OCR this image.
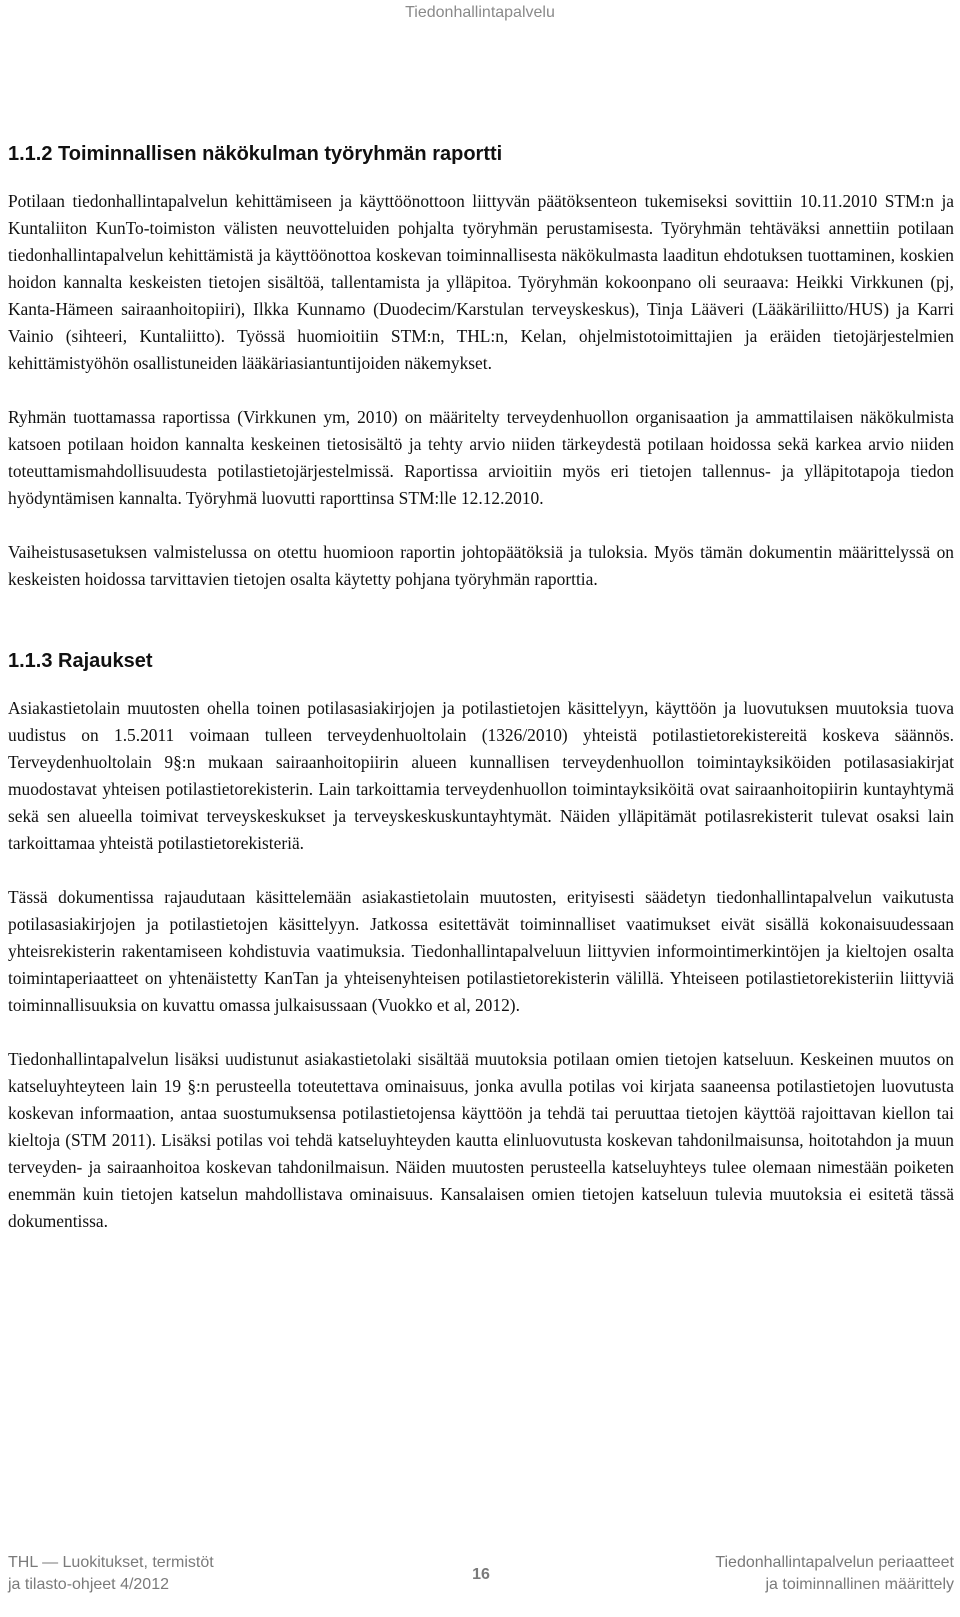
Tiedonhallintapalvelu
1.1.2 Toiminnallisen näkökulman työryhmän raportti

Potilaan tiedonhallintapalvelun kehittämiseen ja käyttöönottoon liittyvän päätöksenteon tukemiseksi sovittiin 10.11.2010 STM:n ja Kuntaliiton KunTo-toimiston välisten neuvotteluiden pohjalta työryhmän perustamisesta. Työryhmän tehtäväksi annettiin potilaan tiedonhallintapalvelun kehittämistä ja käyttöönottoa koskevan toiminnallisesta näkökulmasta laaditun ehdotuksen tuottaminen, koskien hoidon kannalta keskeisten tietojen sisältöä, tallentamista ja ylläpitoa. Työryhmän kokoonpano oli seuraava: Heikki Virkkunen (pj, Kanta-Hämeen sairaanhoitopiiri), Ilkka Kunnamo (Duodecim/Karstulan terveyskeskus), Tinja Lääveri (Lääkäriliitto/HUS) ja Karri Vainio (sihteeri, Kuntaliitto). Työssä huomioitiin STM:n, THL:n, Kelan, ohjelmistotoimittajien ja eräiden tietojärjestelmien kehittämistyöhön osallistuneiden lääkäriasiantuntijoiden näkemykset.

Ryhmän tuottamassa raportissa (Virkkunen ym, 2010) on määritelty terveydenhuollon organisaation ja ammattilaisen näkökulmista katsoen potilaan hoidon kannalta keskeinen tietosisältö ja tehty arvio niiden tärkeydestä potilaan hoidossa sekä karkea arvio niiden toteuttamismahdollisuudesta potilastietojärjestelmissä. Raportissa arvioitiin myös eri tietojen tallennus- ja ylläpitotapoja tiedon hyödyntämisen kannalta. Työryhmä luovutti raporttinsa STM:lle 12.12.2010.

Vaiheistusasetuksen valmistelussa on otettu huomioon raportin johtopäätöksiä ja tuloksia. Myös tämän dokumentin määrittelyssä on keskeisten hoidossa tarvittavien tietojen osalta käytetty pohjana työryhmän raporttia.

1.1.3 Rajaukset

Asiakastietolain muutosten ohella toinen potilasasiakirjojen ja potilastietojen käsittelyyn, käyttöön ja luovutuksen muutoksia tuova uudistus on 1.5.2011 voimaan tulleen terveydenhuoltolain (1326/2010) yhteistä potilastietorekistereitä koskeva säännös. Terveydenhuoltolain 9§:n mukaan sairaanhoitopiirin alueen kunnallisen terveydenhuollon toimintayksiköiden potilasasiakirjat muodostavat yhteisen potilastietorekisterin. Lain tarkoittamia terveydenhuollon toimintayksiköitä ovat sairaanhoitopiirin kuntayhtymä sekä sen alueella toimivat terveyskeskukset ja terveyskeskuskuntayhtymät. Näiden ylläpitämät potilasrekisterit tulevat osaksi lain tarkoittamaa yhteistä potilastietorekisteriä.

Tässä dokumentissa rajaudutaan käsittelemään asiakastietolain muutosten, erityisesti säädetyn tiedonhallintapalvelun vaikutusta potilasasiakirjojen ja potilastietojen käsittelyyn. Jatkossa esitettävät toiminnalliset vaatimukset eivät sisällä kokonaisuudessaan yhteisrekisterin rakentamiseen kohdistuvia vaatimuksia. Tiedonhallintapalveluun liittyvien informointimerkintöjen ja kieltojen osalta toimintaperiaatteet on yhtenäistetty KanTan ja yhteisenyhteisen potilastietorekisterin välillä. Yhteiseen potilastietorekisteriin liittyviä toiminnallisuuksia on kuvattu omassa julkaisussaan (Vuokko et al, 2012).

Tiedonhallintapalvelun lisäksi uudistunut asiakastietolaki sisältää muutoksia potilaan omien tietojen katseluun. Keskeinen muutos on katseluyhteyteen lain 19 §:n perusteella toteutettava ominaisuus, jonka avulla potilas voi kirjata saaneensa potilastietojen luovutusta koskevan informaation, antaa suostumuksensa potilastietojensa käyttöön ja tehdä tai peruuttaa tietojen käyttöä rajoittavan kiellon tai kieltoja (STM 2011). Lisäksi potilas voi tehdä katseluyhteyden kautta elinluovutusta koskevan tahdonilmaisunsa, hoitotahdon ja muun terveyden- ja sairaanhoitoa koskevan tahdonilmaisun. Näiden muutosten perusteella katseluyhteys tulee olemaan nimestään poiketen enemmän kuin tietojen katselun mahdollistava ominaisuus. Kansalaisen omien tietojen katseluun tulevia muutoksia ei esitetä tässä dokumentissa.

THL — Luokitukset, termistöt
ja tilasto-ohjeet 4/2012
16
Tiedonhallintapalvelun periaatteet
ja toiminnallinen määrittely
